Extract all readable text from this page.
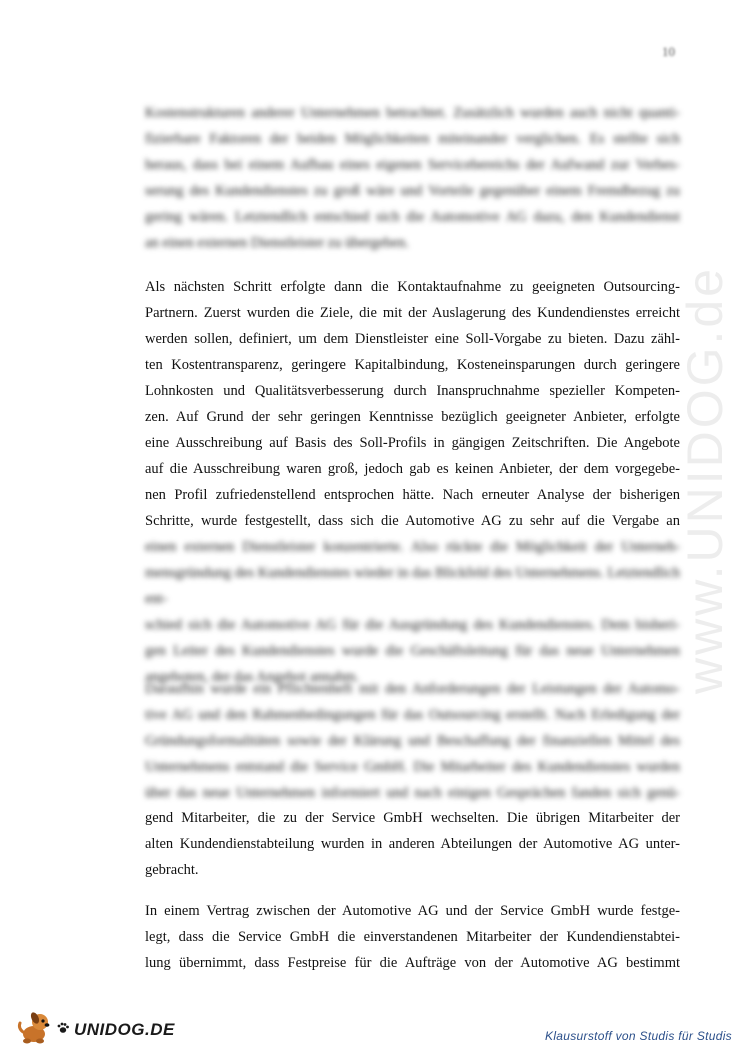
www.UNIDOG.de
10
Kostenstrukturen anderer Unternehmen betrachtet. Zusätzlich wurden auch nicht quanti-
fizierbare Faktoren der beiden Möglichkeiten miteinander verglichen. Es stellte sich
heraus, dass bei einem Aufbau eines eigenen Servicebereichs der Aufwand zur Verbes-
serung des Kundendienstes zu groß wäre und Vorteile gegenüber einem Fremdbezug zu
gering wären. Letztendlich entschied sich die Automotive AG dazu, den Kundendienst
an einen externen Dienstleister zu übergeben.
Als nächsten Schritt erfolgte dann die Kontaktaufnahme zu geeigneten Outsourcing-
Partnern. Zuerst wurden die Ziele, die mit der Auslagerung des Kundendienstes erreicht
werden sollen, definiert, um dem Dienstleister eine Soll-Vorgabe zu bieten. Dazu zähl-
ten Kostentransparenz, geringere Kapitalbindung, Kosteneinsparungen durch geringere
Lohnkosten und Qualitätsverbesserung durch Inanspruchnahme spezieller Kompeten-
zen. Auf Grund der sehr geringen Kenntnisse bezüglich geeigneter Anbieter, erfolgte
eine Ausschreibung auf Basis des Soll-Profils in gängigen Zeitschriften. Die Angebote
auf die Ausschreibung waren groß, jedoch gab es keinen Anbieter, der dem vorgegebe-
nen Profil zufriedenstellend entsprochen hätte. Nach erneuter Analyse der bisherigen
Schritte, wurde festgestellt, dass sich die Automotive AG zu sehr auf die Vergabe an
einen externen Dienstleister konzentrierte. Also rückte die Möglichkeit der Unterneh-
mensgründung des Kundendienstes wieder in das Blickfeld des Unternehmens. Letztendlich ent-
schied sich die Automotive AG für die Ausgründung des Kundendienstes. Dem bisheri-
gen Leiter des Kundendienstes wurde die Geschäftsleitung für das neue Unternehmen
angeboten, der das Angebot annahm.
Daraufhin wurde ein Pflichtenheft mit den Anforderungen der Leistungen der Automo-
tive AG und den Rahmenbedingungen für das Outsourcing erstellt. Nach Erledigung der
Gründungsformalitäten sowie der Klärung und Beschaffung der finanziellen Mittel des
Unternehmens entstand die Service GmbH. Die Mitarbeiter des Kundendienstes wurden
über das neue Unternehmen informiert und nach einigen Gesprächen fanden sich genü-
gend Mitarbeiter, die zu der Service GmbH wechselten. Die übrigen Mitarbeiter der
alten Kundendienstabteilung wurden in anderen Abteilungen der Automotive AG unter-
gebracht.
In einem Vertrag zwischen der Automotive AG und der Service GmbH wurde festge-
legt, dass die Service GmbH die einverstandenen Mitarbeiter der Kundendienstabtei-
lung übernimmt, dass Festpreise für die Aufträge von der Automotive AG bestimmt
UNIDOG.DE	Klausurstoff von Studis für Studis
